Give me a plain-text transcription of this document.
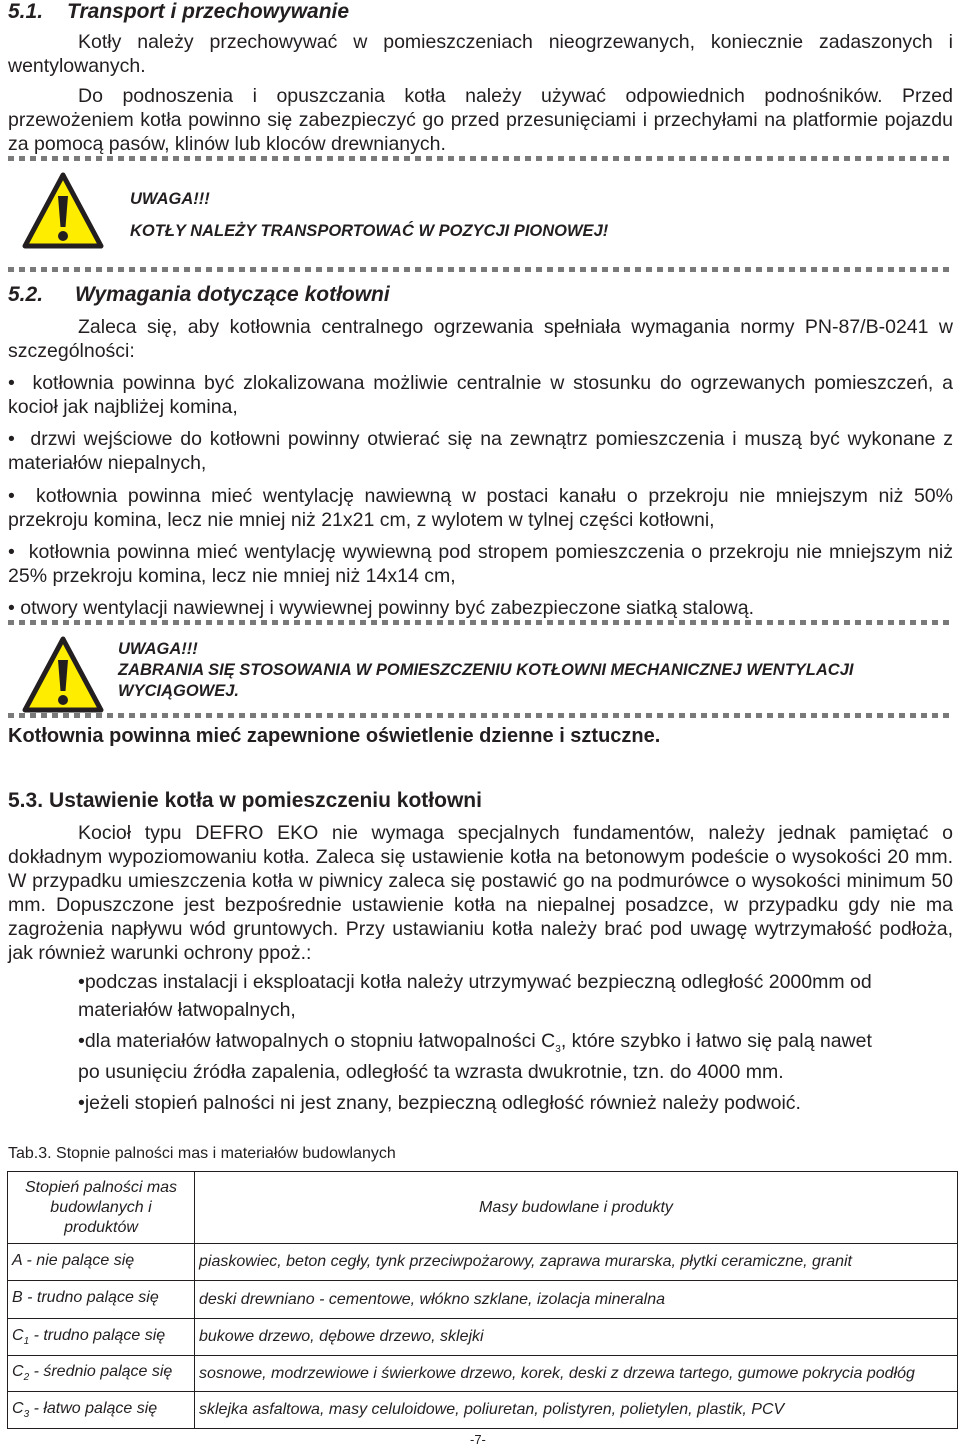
5.1. Transport i przechowywanie
Kotły należy przechowywać w pomieszczeniach nieogrzewanych, koniecznie zadaszonych i wentylowanych.
Do podnoszenia i opuszczania kotła należy używać odpowiednich podnośników. Przed przewożeniem kotła powinno się zabezpieczyć go przed przesunięciami i przechyłami na platformie pojazdu za pomocą pasów, klinów lub kloców drewnianych.
UWAGA!!!
KOTŁY NALEŻY TRANSPORTOWAĆ W POZYCJI PIONOWEJ!
5.2. Wymagania dotyczące kotłowni
Zaleca się, aby kotłownia centralnego ogrzewania spełniała wymagania normy PN-87/B-0241 w szczególności:
• kotłownia powinna być zlokalizowana możliwie centralnie w stosunku do ogrzewanych pomieszczeń, a kocioł jak najbliżej komina,
• drzwi wejściowe do kotłowni powinny otwierać się na zewnątrz pomieszczenia i muszą być wykonane z materiałów niepalnych,
• kotłownia powinna mieć wentylację nawiewną w postaci kanału o przekroju nie mniejszym niż 50% przekroju komina, lecz nie mniej niż 21x21 cm, z wylotem w tylnej części kotłowni,
• kotłownia powinna mieć wentylację wywiewną pod stropem pomieszczenia o przekroju nie mniejszym niż 25% przekroju komina, lecz nie mniej niż 14x14 cm,
• otwory wentylacji nawiewnej i wywiewnej powinny być zabezpieczone siatką stalową.
UWAGA!!!
ZABRANIA SIĘ STOSOWANIA W POMIESZCZENIU KOTŁOWNI MECHANICZNEJ WENTYLACJI WYCIĄGOWEJ.
Kotłownia powinna mieć zapewnione oświetlenie dzienne i sztuczne.
5.3. Ustawienie kotła w pomieszczeniu kotłowni
Kocioł typu DEFRO EKO nie wymaga specjalnych fundamentów, należy jednak pamiętać o dokładnym wypoziomowaniu kotła. Zaleca się ustawienie kotła na betonowym podeście o wysokości 20 mm. W przypadku umieszczenia kotła w piwnicy zaleca się postawić go na podmurówce o wysokości minimum 50 mm. Dopuszczone jest bezpośrednie ustawienie kotła na niepalnej posadzce, w przypadku gdy nie ma zagrożenia napływu wód gruntowych. Przy ustawianiu kotła należy brać pod uwagę wytrzymałość podłoża, jak również warunki ochrony ppoż.:
•podczas instalacji i eksploatacji kotła należy utrzymywać bezpieczną odległość 2000mm od
materiałów łatwopalnych,
•dla materiałów łatwopalnych o stopniu łatwopalności $C_3$, które szybko i łatwo się palą nawet
po usunięciu źródła zapalenia, odległość ta wzrasta dwukrotnie, tzn. do 4000 mm.
•jeżeli stopień palności ni jest znany, bezpieczną odległość również należy podwoić.
Tab.3. Stopnie palności mas i materiałów budowlanych
Stopień palności mas budowlanych i produktów	Masy budowlane i produkty
A - nie palące się	piaskowiec, beton cegły, tynk przeciwpożarowy, zaprawa murarska, płytki ceramiczne, granit
B - trudno palące się	deski drewniano - cementowe, włókno szklane, izolacja mineralna
$C_1$ - trudno palące się	bukowe drzewo, dębowe drzewo, sklejki
$C_2$ - średnio palące się	sosnowe, modrzewiowe i świerkowe drzewo, korek, deski z drzewa tartego, gumowe pokrycia podłóg
$C_3$ - łatwo palące się	sklejka asfaltowa, masy celuloidowe, poliuretan, polistyren, polietylen, plastik, PCV
-7-
